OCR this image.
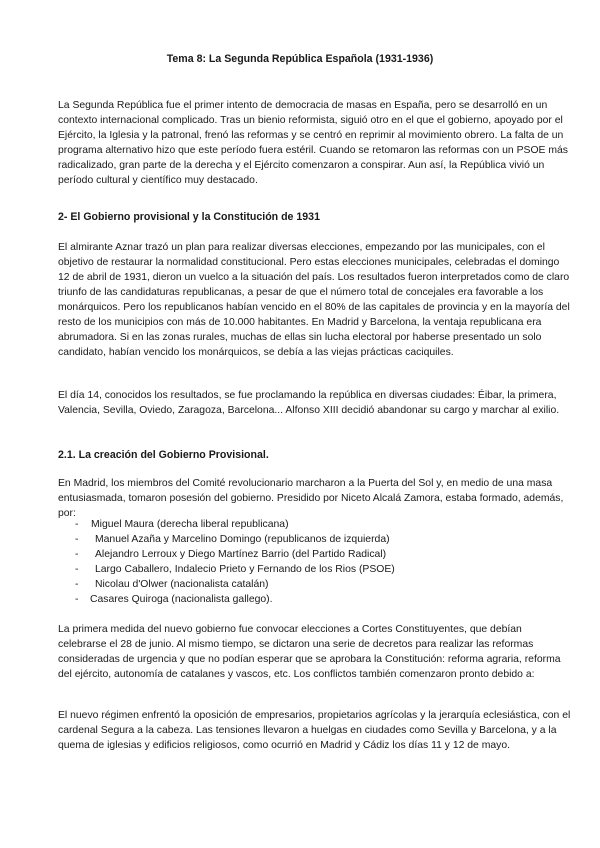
Tema 8: La Segunda República Española (1931-1936)

La Segunda República fue el primer intento de democracia de masas en España, pero se desarrolló en un contexto internacional complicado. Tras un bienio reformista, siguió otro en el que el gobierno, apoyado por el Ejército, la Iglesia y la patronal, frenó las reformas y se centró en reprimir al movimiento obrero. La falta de un programa alternativo hizo que este período fuera estéril. Cuando se retomaron las reformas con un PSOE más radicalizado, gran parte de la derecha y el Ejército comenzaron a conspirar. Aun así, la República vivió un período cultural y científico muy destacado.

2- El Gobierno provisional y la Constitución de 1931

El almirante Aznar trazó un plan para realizar diversas elecciones, empezando por las municipales, con el objetivo de restaurar la normalidad constitucional. Pero estas elecciones municipales, celebradas el domingo 12 de abril de 1931, dieron un vuelco a la situación del país. Los resultados fueron interpretados como de claro triunfo de las candidaturas republicanas, a pesar de que el número total de concejales era favorable a los monárquicos. Pero los republicanos habían vencido en el 80% de las capitales de provincia y en la mayoría del resto de los municipios con más de 10.000 habitantes. En Madrid y Barcelona, la ventaja republicana era abrumadora. Si en las zonas rurales, muchas de ellas sin lucha electoral por haberse presentado un solo candidato, habían vencido los monárquicos, se debía a las viejas prácticas caciquiles.

El día 14, conocidos los resultados, se fue proclamando la república en diversas ciudades: Éibar, la primera, Valencia, Sevilla, Oviedo, Zaragoza, Barcelona... Alfonso XIII decidió abandonar su cargo y marchar al exilio.

2.1. La creación del Gobierno Provisional.

En Madrid, los miembros del Comité revolucionario marcharon a la Puerta del Sol y, en medio de una masa entusiasmada, tomaron posesión del gobierno. Presidido por Niceto Alcalá Zamora, estaba formado, además, por:

- Miguel Maura (derecha liberal republicana)
- Manuel Azaña y Marcelino Domingo (republicanos de izquierda)
- Alejandro Lerroux y Diego Martínez Barrio (del Partido Radical)
- Largo Caballero, Indalecio Prieto y Fernando de los Rios (PSOE)
- Nicolau d'Olwer (nacionalista catalán)
- Casares Quiroga (nacionalista gallego).

La primera medida del nuevo gobierno fue convocar elecciones a Cortes Constituyentes, que debían celebrarse el 28 de junio. Al mismo tiempo, se dictaron una serie de decretos para realizar las reformas consideradas de urgencia y que no podían esperar que se aprobara la Constitución: reforma agraria, reforma del ejército, autonomía de catalanes y vascos, etc. Los conflictos también comenzaron pronto debido a:

El nuevo régimen enfrentó la oposición de empresarios, propietarios agrícolas y la jerarquía eclesiástica, con el cardenal Segura a la cabeza. Las tensiones llevaron a huelgas en ciudades como Sevilla y Barcelona, y a la quema de iglesias y edificios religiosos, como ocurrió en Madrid y Cádiz los días 11 y 12 de mayo.
